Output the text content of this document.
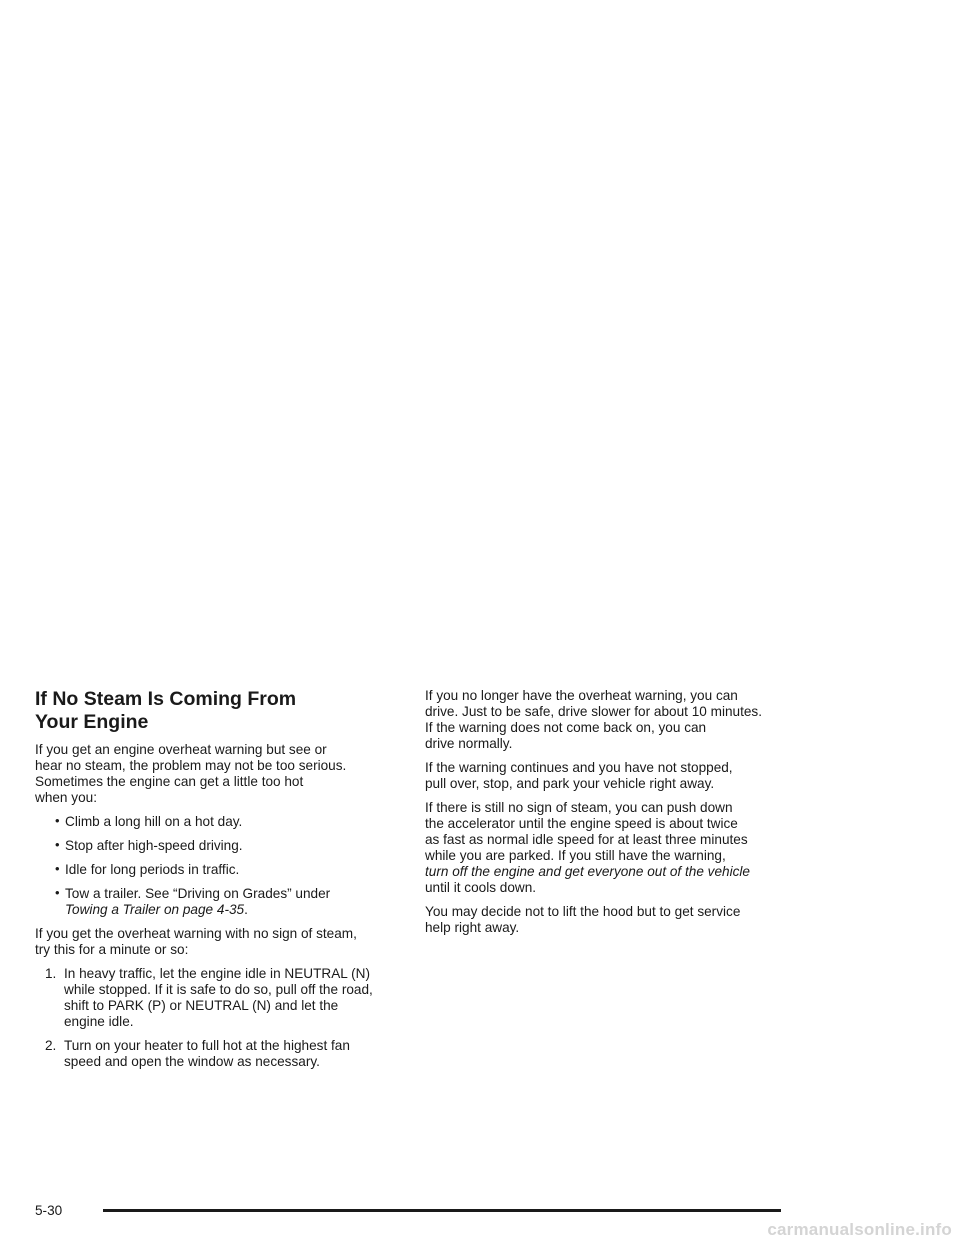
If No Steam Is Coming From
Your Engine

If you get an engine overheat warning but see or
hear no steam, the problem may not be too serious.
Sometimes the engine can get a little too hot
when you:

• Climb a long hill on a hot day.
• Stop after high-speed driving.
• Idle for long periods in traffic.
• Tow a trailer. See “Driving on Grades” under
Towing a Trailer on page 4-35.

If you get the overheat warning with no sign of steam,
try this for a minute or so:

1. In heavy traffic, let the engine idle in NEUTRAL (N)
while stopped. If it is safe to do so, pull off the road,
shift to PARK (P) or NEUTRAL (N) and let the
engine idle.
2. Turn on your heater to full hot at the highest fan
speed and open the window as necessary.

If you no longer have the overheat warning, you can
drive. Just to be safe, drive slower for about 10 minutes.
If the warning does not come back on, you can
drive normally.

If the warning continues and you have not stopped,
pull over, stop, and park your vehicle right away.

If there is still no sign of steam, you can push down
the accelerator until the engine speed is about twice
as fast as normal idle speed for at least three minutes
while you are parked. If you still have the warning,
turn off the engine and get everyone out of the vehicle
until it cools down.

You may decide not to lift the hood but to get service
help right away.

5-30
carmanualsonline.info
